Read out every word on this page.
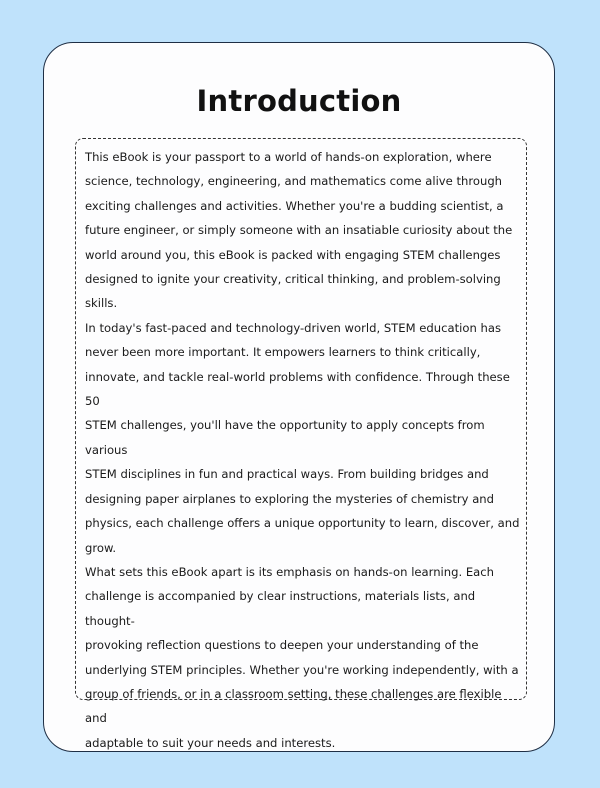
Introduction

This eBook is your passport to a world of hands-on exploration, where
science, technology, engineering, and mathematics come alive through
exciting challenges and activities. Whether you're a budding scientist, a
future engineer, or simply someone with an insatiable curiosity about the
world around you, this eBook is packed with engaging STEM challenges
designed to ignite your creativity, critical thinking, and problem-solving
skills.

In today's fast-paced and technology-driven world, STEM education has
never been more important. It empowers learners to think critically,
innovate, and tackle real-world problems with confidence. Through these 50
STEM challenges, you'll have the opportunity to apply concepts from various
STEM disciplines in fun and practical ways. From building bridges and
designing paper airplanes to exploring the mysteries of chemistry and
physics, each challenge offers a unique opportunity to learn, discover, and
grow.

What sets this eBook apart is its emphasis on hands-on learning. Each
challenge is accompanied by clear instructions, materials lists, and thought-
provoking reflection questions to deepen your understanding of the
underlying STEM principles. Whether you're working independently, with a
group of friends, or in a classroom setting, these challenges are flexible and
adaptable to suit your needs and interests.
